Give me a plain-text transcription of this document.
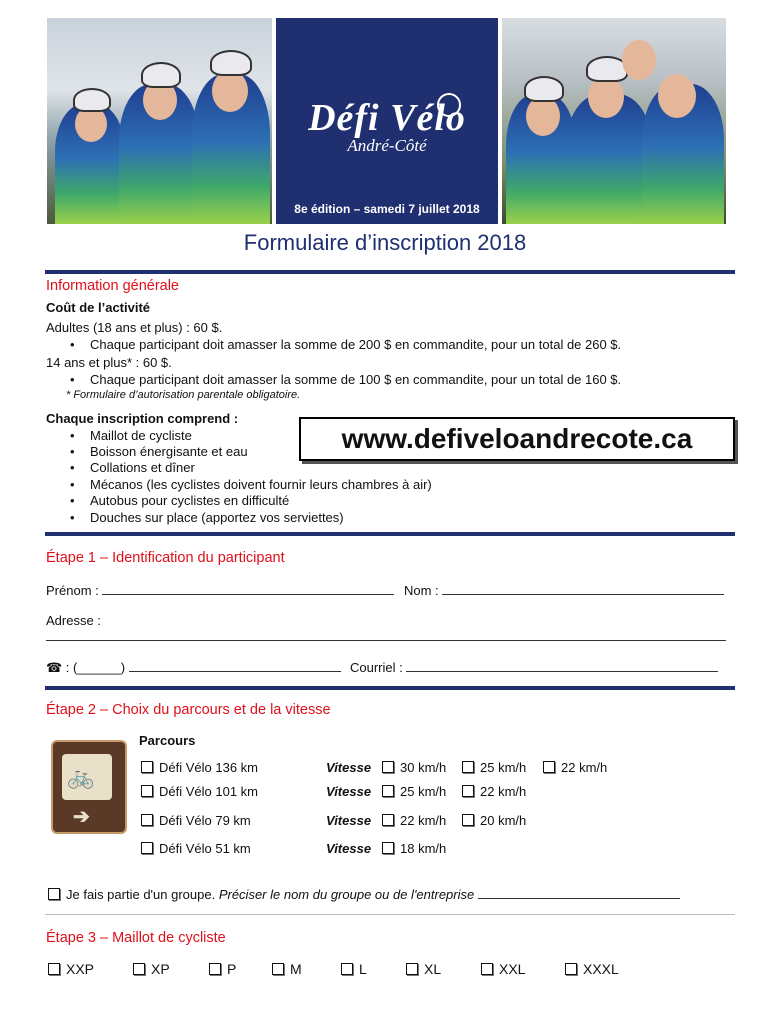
Défi Vélo
André-Côté
8e édition – samedi 7 juillet 2018
Formulaire d’inscription 2018
Information générale
Coût de l’activité
Adultes (18 ans et plus) : 60 $.
• Chaque participant doit amasser la somme de 200 $ en commandite, pour un total de 260 $.
14 ans et plus* : 60 $.
• Chaque participant doit amasser la somme de 100 $ en commandite, pour un total de 160 $.
* Formulaire d’autorisation parentale obligatoire.
Chaque inscription comprend :
• Maillot de cycliste
• Boisson énergisante et eau
• Collations et dîner
• Mécanos (les cyclistes doivent fournir leurs chambres à air)
• Autobus pour cyclistes en difficulté
• Douches sur place (apportez vos serviettes)
www.defiveloandrecote.ca
Étape 1 – Identification du participant
Prénom :	Nom :
Adresse :
☎ : (______)	Courriel :
Étape 2 – Choix du parcours et de la vitesse
🚲
➔
Parcours
Défi Vélo 136 km	Vitesse	30 km/h	25 km/h	22 km/h
Défi Vélo 101 km	Vitesse	25 km/h	22 km/h
Défi Vélo 79 km	Vitesse	22 km/h	20 km/h
Défi Vélo 51 km	Vitesse	18 km/h
Je fais partie d'un groupe. Préciser le nom du groupe ou de l'entreprise
Étape 3 – Maillot de cycliste
XXP	XP	P	M	L	XL	XXL	XXXL
